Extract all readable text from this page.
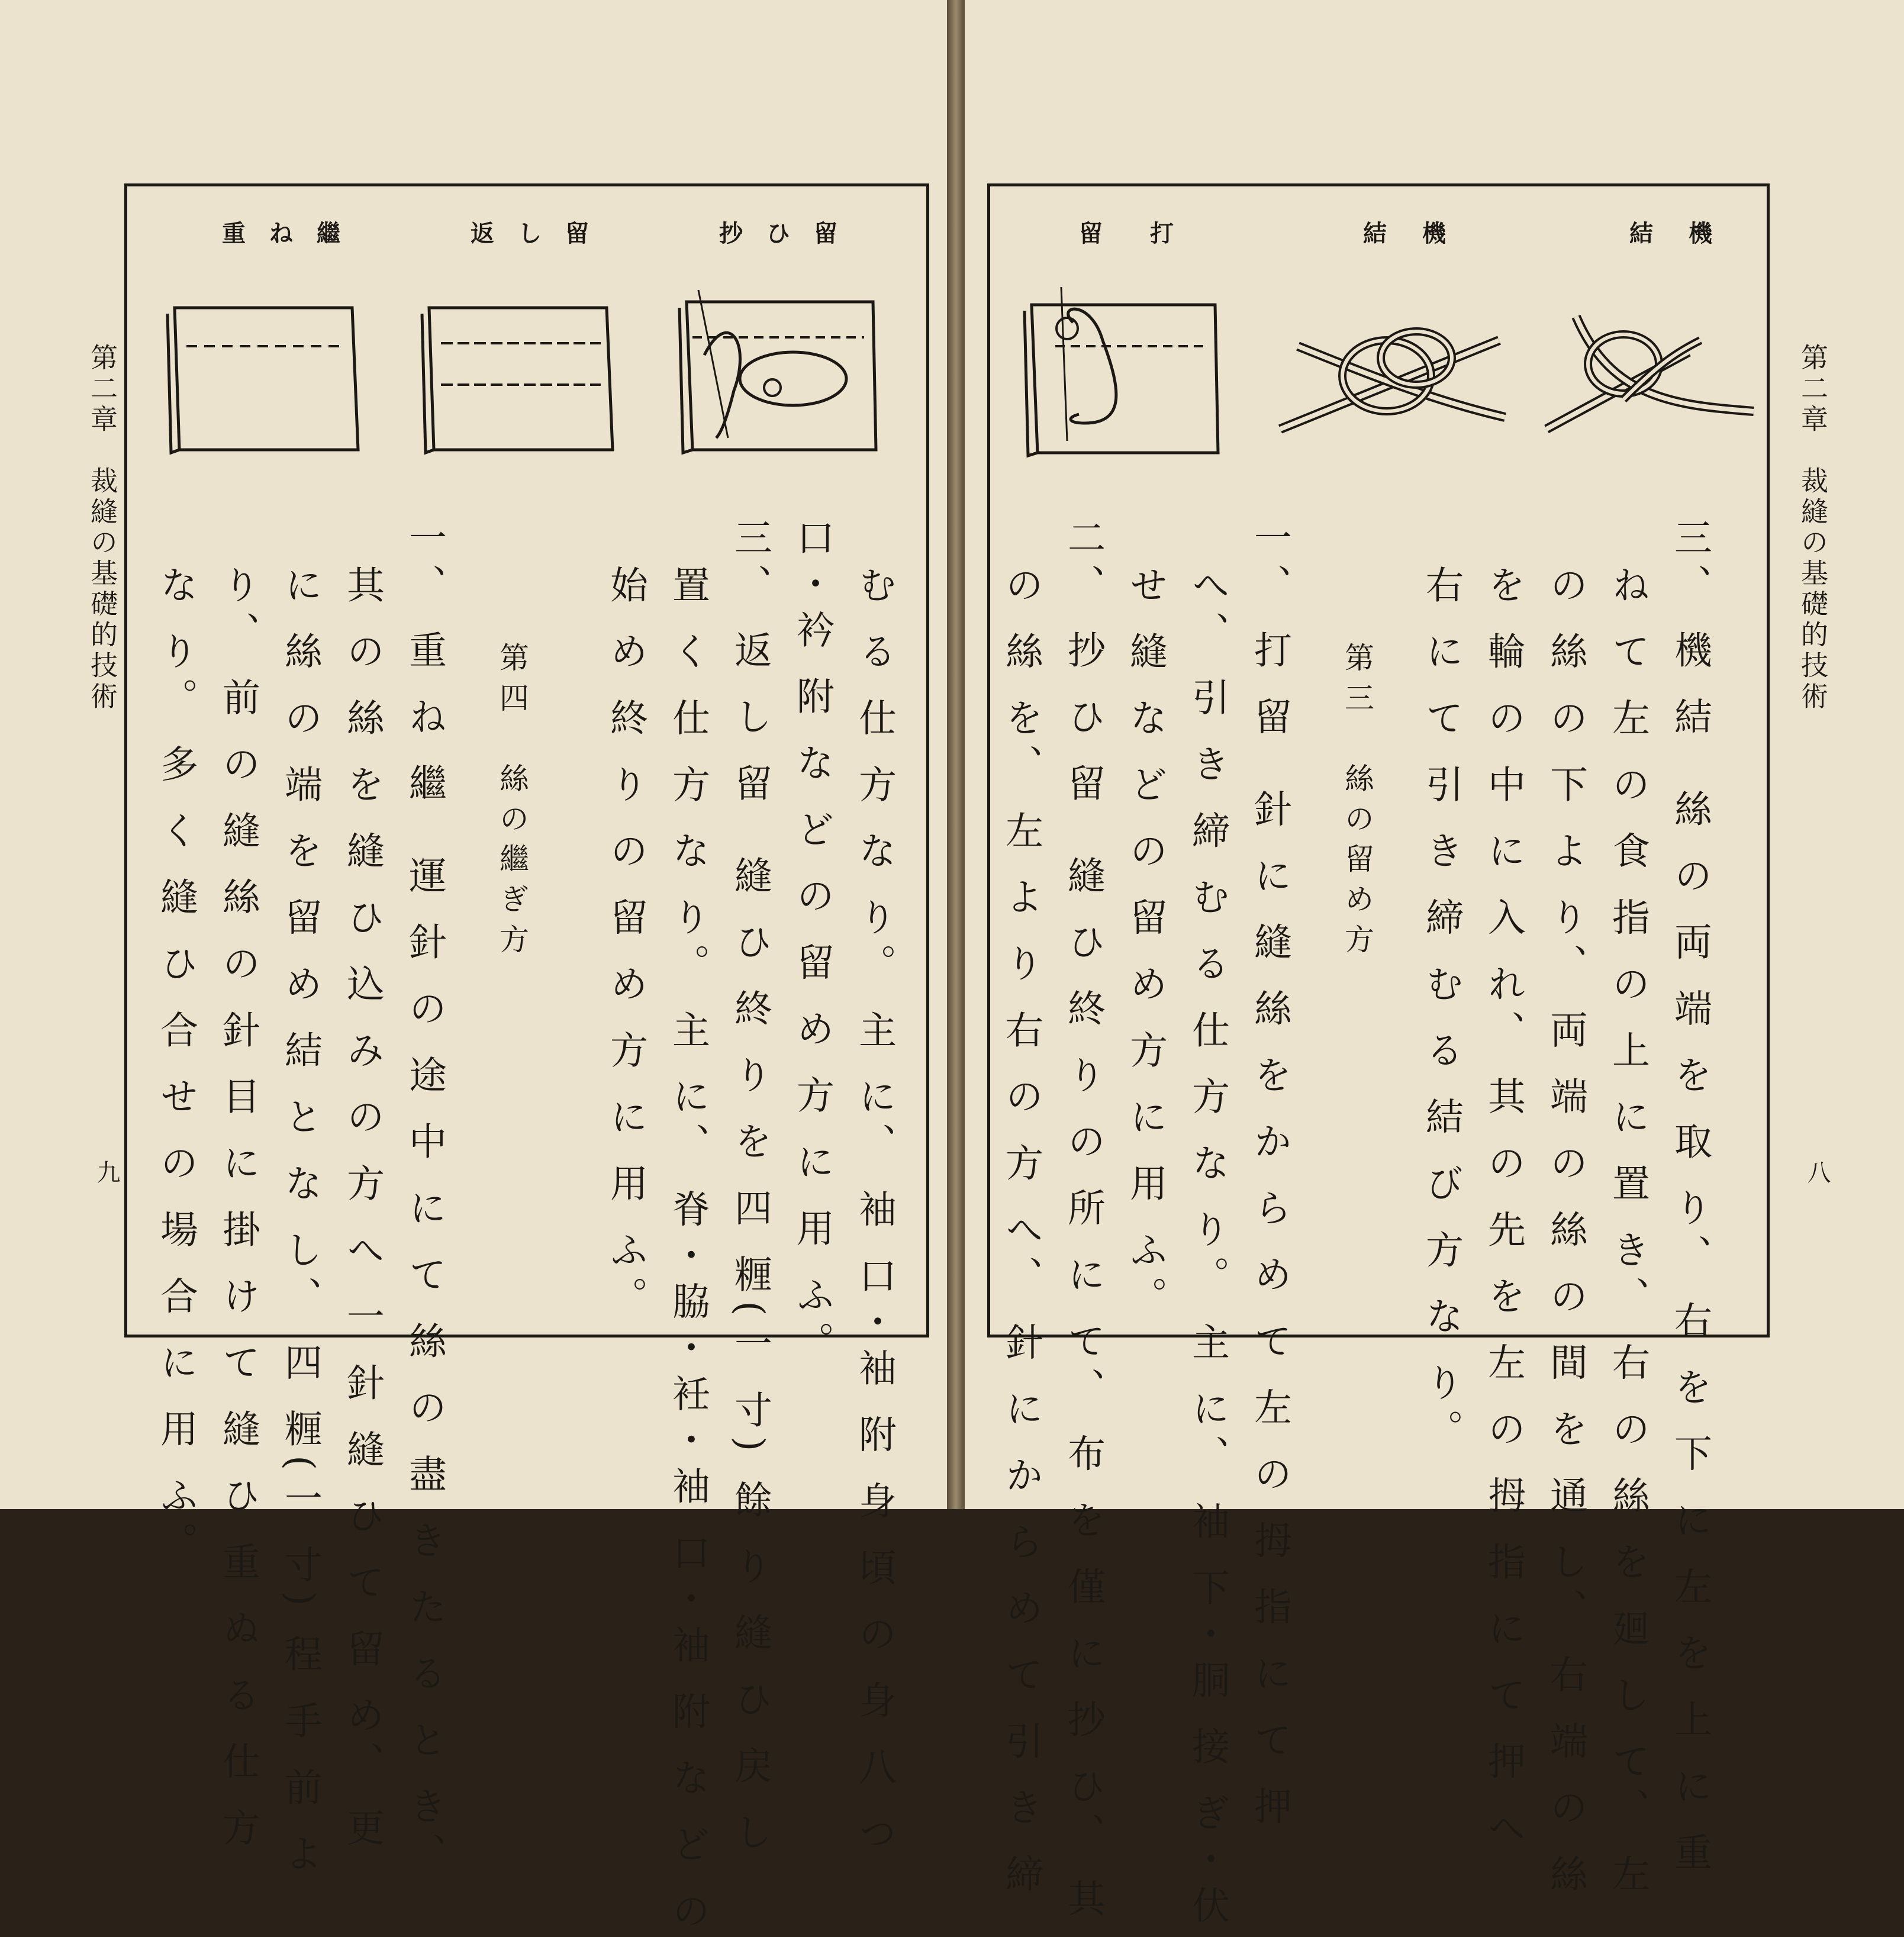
抄ひ留
返し留
重ね繼
む る 仕 方 な り。 主 に、 袖 口・袖 附 身 頃 の 身 八 つ
口・衿 附 な ど の 留 め 方 に 用 ふ。
三、 返 し 留　縫 ひ 終 り を 四 糎(一 寸) 餘 り 縫 ひ 戻 し
置 く 仕 方 な り。 主 に、 脊・脇・衽・袖 口・袖 附 な ど の
始 め 終 り の 留 め 方 に 用 ふ。
第四　絲の繼ぎ方
一、 重 ね 繼　運 針 の 途 中 に て 絲 の 盡 き た る と き、
其 の 絲 を 縫 ひ 込 み の 方 へ 一 針 縫 ひ て 留 め、 更
に 絲 の 端 を 留 め 結 と な し、 四 糎(一 寸) 程 手 前 よ
り、 前 の 縫 絲 の 針 目 に 掛 け て 縫 ひ 重 ぬ る 仕 方
な り。 多 く 縫 ひ 合 せ の 場 合 に 用 ふ。
第二章　裁縫の基礎的技術
九
結機
結機
留打
三、 機 結　絲 の 両 端 を 取 り、 右 を 下 に 左 を 上 に 重
ね て 左 の 食 指 の 上 に 置 き、 右 の 絲 を 廻 し て、 左
の 絲 の 下 よ り、 両 端 の 絲 の 間 を 通 し、 右 端 の 絲
を 輪 の 中 に 入 れ、 其 の 先 を 左 の 拇 指 に て 押 へ
右 に て 引 き 締 む る 結 び 方 な り。
第三　絲の留め方
一、 打 留　針 に 縫 絲 を か ら め て 左 の 拇 指 に て 押
へ、 引 き 締 む る 仕 方 な り。 主 に、 袖 下・胴 接 ぎ・伏
せ 縫 な ど の 留 め 方 に 用 ふ。
二、 抄 ひ 留　縫 ひ 終 り の 所 に て、 布 を 僅 に 抄 ひ、 其
の 絲 を、 左 よ り 右 の 方 へ、 針 に か ら め て 引 き 締
第二章　裁縫の基礎的技術
八
